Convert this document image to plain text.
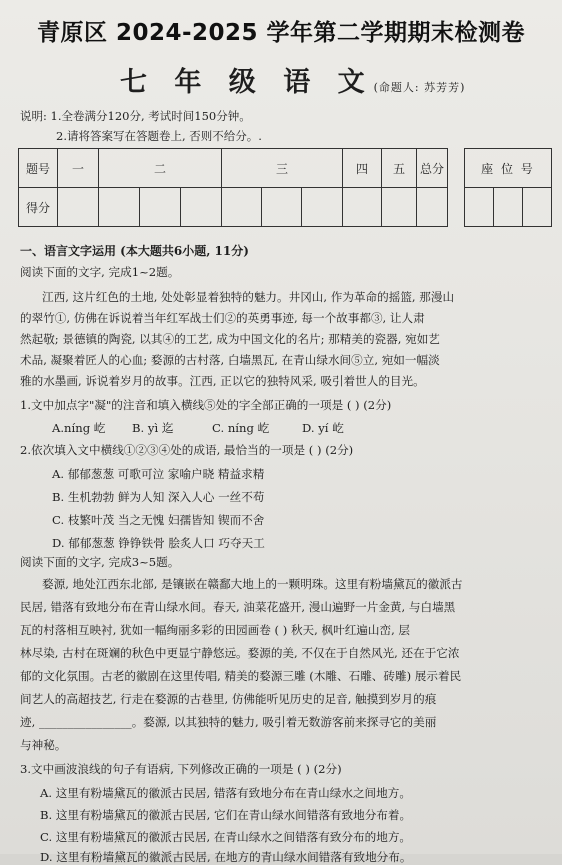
青原区 2024-2025 学年第二学期期末检测卷
七 年 级 语 文(命题人: 苏芳芳)
说明: 1.全卷满分120分, 考试时间150分钟。
2.请将答案写在答题卷上, 否则不给分。.
题号	一	二			三			四	五	总分
得分										
座 位 号

一、语言文字运用 (本大题共6小题, 11分)
阅读下面的文字, 完成1~2题。
江西, 这片红色的土地, 处处彰显着独特的魅力。井冈山, 作为革命的摇篮, 那漫山
的翠竹①, 仿佛在诉说着当年红军战士们②的英勇事迹, 每一个故事都③, 让人肃
然起敬; 景德镇的陶瓷, 以其④的工艺, 成为中国文化的名片; 那精美的瓷器, 宛如艺
术品, 凝聚着匠人的心血; 婺源的古村落, 白墙黑瓦, 在青山绿水间⑤立, 宛如一幅淡
雅的水墨画, 诉说着岁月的故事。江西, 正以它的独特风采, 吸引着世人的目光。
1.文中加点字"凝"的注音和填入横线⑤处的字全部正确的一项是 ( ) (2分)
A.níng 屹 B. yì 迄	C. níng 屹	D. yí 屹
2.依次填入文中横线①②③④处的成语, 最恰当的一项是 ( ) (2分)
A. 郁郁葱葱 可歌可泣 家喻户晓 精益求精
B. 生机勃勃 鲜为人知 深入人心 一丝不苟
C. 枝繁叶茂 当之无愧 妇孺皆知 锲而不舍
D. 郁郁葱葱 铮铮铁骨 脍炙人口 巧夺天工
阅读下面的文字, 完成3~5题。
婺源, 地处江西东北部, 是镶嵌在赣鄱大地上的一颗明珠。这里有粉墙黛瓦的徽派古
民居, 错落有致地分布在青山绿水间。春天, 油菜花盛开, 漫山遍野一片金黄, 与白墙黑
瓦的村落相互映衬, 犹如一幅绚丽多彩的田园画卷 ( ) 秋天, 枫叶红遍山峦, 层
林尽染, 古村在斑斓的秋色中更显宁静悠远。婺源的美, 不仅在于自然风光, 还在于它浓
郁的文化氛围。古老的徽剧在这里传唱, 精美的婺源三雕 (木雕、石雕、砖雕) 展示着民
间艺人的高超技艺, 行走在婺源的古巷里, 仿佛能听见历史的足音, 触摸到岁月的痕
迹, ________________。婺源, 以其独特的魅力, 吸引着无数游客前来探寻它的美丽
与神秘。
3.文中画波浪线的句子有语病, 下列修改正确的一项是 ( ) (2分)
A. 这里有粉墙黛瓦的徽派古民居, 错落有致地分布在青山绿水之间地方。
B. 这里有粉墙黛瓦的徽派古民居, 它们在青山绿水间错落有致地分布着。
C. 这里有粉墙黛瓦的徽派古民居, 在青山绿水之间错落有致分布的地方。
D. 这里有粉墙黛瓦的徽派古民居, 在地方的青山绿水间错落有致地分布。
